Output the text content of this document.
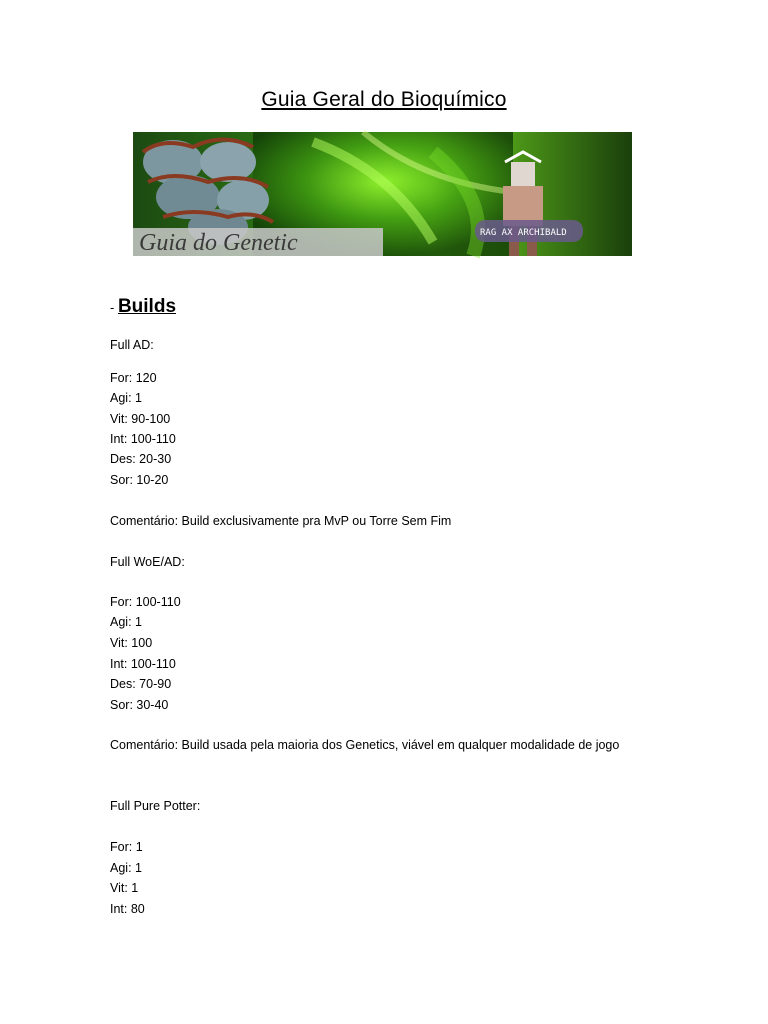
Guia Geral do Bioquímico
Guia do Genetic	RAG AX ARCHIBALD
- Builds
Full AD:
For: 120
Agi: 1
Vit: 90-100
Int: 100-110
Des: 20-30
Sor: 10-20
Comentário: Build exclusivamente pra MvP ou Torre Sem Fim
Full WoE/AD:
For: 100-110
Agi: 1
Vit: 100
Int: 100-110
Des: 70-90
Sor: 30-40
Comentário: Build usada pela maioria dos Genetics, viável em qualquer modalidade de jogo
Full Pure Potter:
For: 1
Agi: 1
Vit: 1
Int: 80
